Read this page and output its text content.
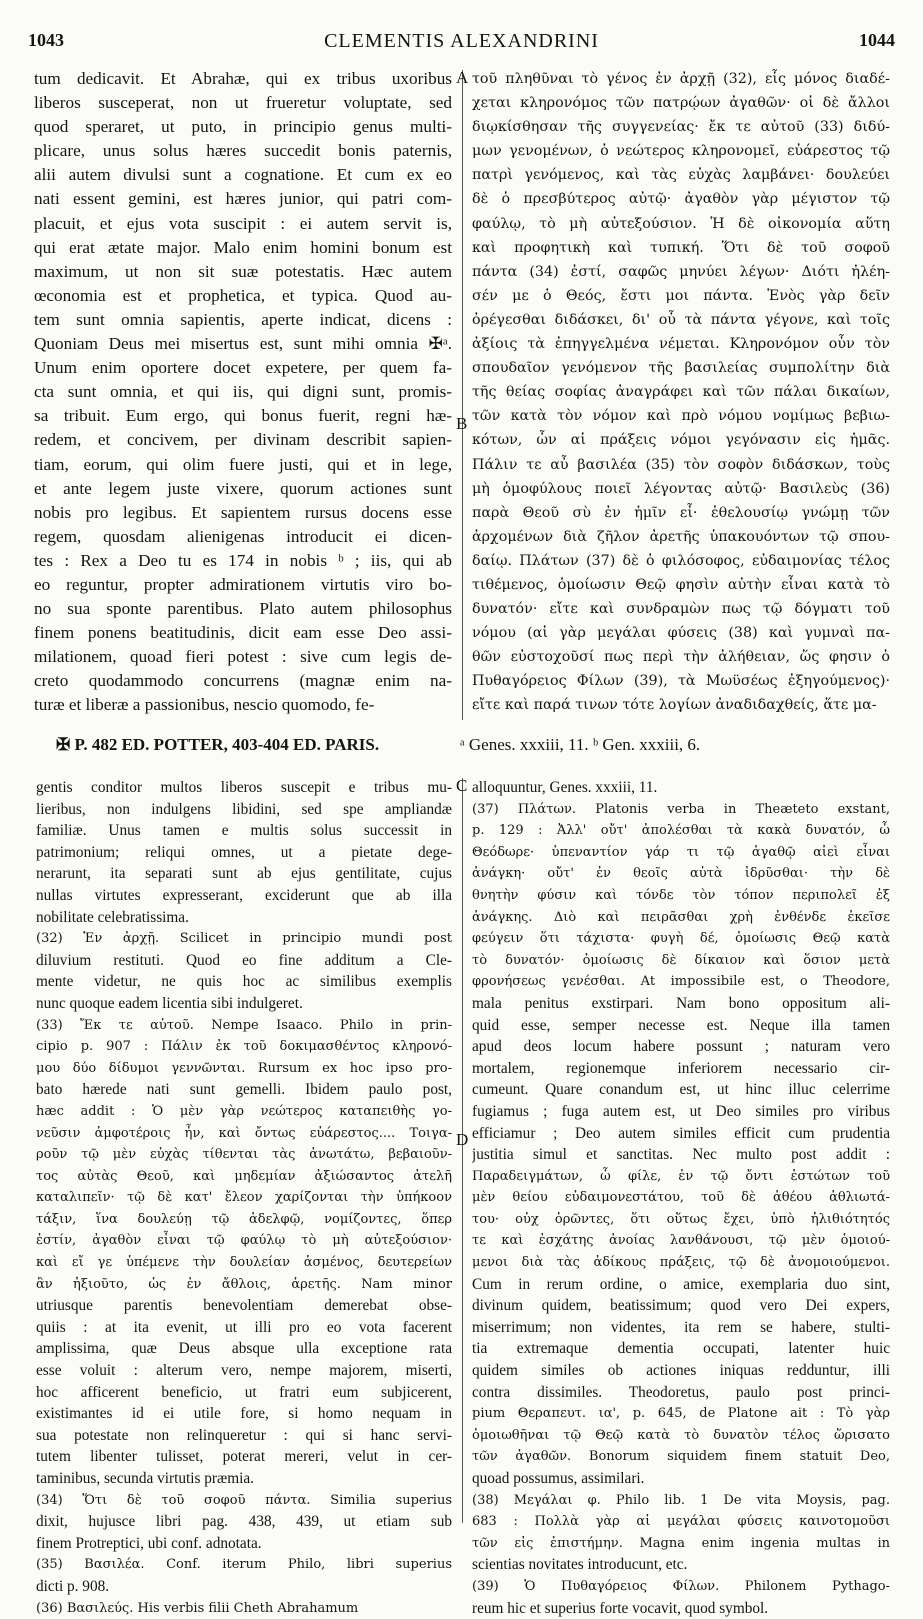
1043	CLEMENTIS ALEXANDRINI	1044
A
B
C
D

tum dedicavit. Et Abrahæ, qui ex tribus uxoribus

liberos susceperat, non ut frueretur voluptate, sed

quod speraret, ut puto, in principio genus multi-

plicare, unus solus hæres succedit bonis paternis,

alii autem divulsi sunt a cognatione. Et cum ex eo

nati essent gemini, est hæres junior, qui patri com-

placuit, et ejus vota suscipit : ei autem servit is,

qui erat ætate major. Malo enim homini bonum est

maximum, ut non sit suæ potestatis. Hæc autem

œconomia est et prophetica, et typica. Quod au-

tem sunt omnia sapientis, aperte indicat, dicens :

Quoniam Deus mei misertus est, sunt mihi omnia ✠ᵃ.

Unum enim oportere docet expetere, per quem fa-

cta sunt omnia, et qui iis, qui digni sunt, promis-

sa tribuit. Eum ergo, qui bonus fuerit, regni hæ-

redem, et concivem, per divinam describit sapien-

tiam, eorum, qui olim fuere justi, qui et in lege,

et ante legem juste vixere, quorum actiones sunt

nobis pro legibus. Et sapientem rursus docens esse

regem, quosdam alienigenas introducit ei dicen-

tes : Rex a Deo tu es 174 in nobis ᵇ ; iis, qui ab

eo reguntur, propter admirationem virtutis viro bo-

no sua sponte parentibus. Plato autem philosophus

finem ponens beatitudinis, dicit eam esse Deo assi-

milationem, quoad fieri potest : sive cum legis de-

creto quodammodo concurrens (magnæ enim na-

turæ et liberæ a passionibus, nescio quomodo, fe-

τοῦ πληθῦναι τὸ γένος ἐν ἀρχῇ (32), εἷς μόνος διαδέ-

χεται κληρονόμος τῶν πατρῴων ἀγαθῶν· οἱ δὲ ἄλλοι

διῳκίσθησαν τῆς συγγενείας· ἔκ τε αὐτοῦ (33) διδύ-

μων γενομένων, ὁ νεώτερος κληρονομεῖ, εὐάρεστος τῷ

πατρὶ γενόμενος, καὶ τὰς εὐχὰς λαμβάνει· δουλεύει

δὲ ὁ πρεσβύτερος αὐτῷ· ἀγαθὸν γὰρ μέγιστον τῷ

φαύλῳ, τὸ μὴ αὐτεξούσιον. Ἡ δὲ οἰκονομία αὕτη

καὶ προφητικὴ καὶ τυπική. Ὅτι δὲ τοῦ σοφοῦ

πάντα (34) ἐστί, σαφῶς μηνύει λέγων· Διότι ἠλέη-

σέν με ὁ Θεός, ἔστι μοι πάντα. Ἑνὸς γὰρ δεῖν

ὀρέγεσθαι διδάσκει, δι' οὗ τὰ πάντα γέγονε, καὶ τοῖς

ἀξίοις τὰ ἐπηγγελμένα νέμεται. Κληρονόμον οὖν τὸν

σπουδαῖον γενόμενον τῆς βασιλείας συμπολίτην διὰ

τῆς θείας σοφίας ἀναγράφει καὶ τῶν πάλαι δικαίων,

τῶν κατὰ τὸν νόμον καὶ πρὸ νόμου νομίμως βεβιω-

κότων, ὧν αἱ πράξεις νόμοι γεγόνασιν εἰς ἡμᾶς.

Πάλιν τε αὖ βασιλέα (35) τὸν σοφὸν διδάσκων, τοὺς

μὴ ὁμοφύλους ποιεῖ λέγοντας αὐτῷ· Βασιλεὺς (36)

παρὰ Θεοῦ σὺ ἐν ἡμῖν εἶ· ἐθελουσίῳ γνώμῃ τῶν

ἀρχομένων διὰ ζῆλον ἀρετῆς ὑπακουόντων τῷ σπου-

δαίῳ. Πλάτων (37) δὲ ὁ φιλόσοφος, εὐδαιμονίας τέλος

τιθέμενος, ὁμοίωσιν Θεῷ φησὶν αὐτὴν εἶναι κατὰ τὸ

δυνατόν· εἴτε καὶ συνδραμὼν πως τῷ δόγματι τοῦ

νόμου (αἱ γὰρ μεγάλαι φύσεις (38) καὶ γυμναὶ πα-

θῶν εὐστοχοῦσί πως περὶ τὴν ἀλήθειαν, ὥς φησιν ὁ

Πυθαγόρειος Φίλων (39), τὰ Μωϋσέως ἐξηγούμενος)·

εἴτε καὶ παρά τινων τότε λογίων ἀναδιδαχθείς, ἅτε μα-

✠ P. 482 ED. POTTER, 403-404 ED. PARIS.	ᵃ Genes. xxxiii, 11. ᵇ Gen. xxxiii, 6.

gentis conditor multos liberos suscepit e tribus mu-

lieribus, non indulgens libidini, sed spe ampliandæ

familiæ. Unus tamen e multis solus successit in

patrimonium; reliqui omnes, ut a pietate dege-

nerarunt, ita separati sunt ab ejus gentilitate, cujus

nullas virtutes expresserant, exciderunt que ab illa

nobilitate celebratissima.

(32) Ἐν ἀρχῇ. Scilicet in principio mundi post

diluvium restituti. Quod eo fine additum a Cle-

mente videtur, ne quis hoc ac similibus exemplis

nunc quoque eadem licentia sibi indulgeret.

(33) Ἔκ τε αὐτοῦ. Nempe Isaaco. Philo in prin-

cipio p. 907 : Πάλιν ἐκ τοῦ δοκιμασθέντος κληρονό-

μου δύο δίδυμοι γεννῶνται. Rursum ex hoc ipso pro-

bato hærede nati sunt gemelli. Ibidem paulo post,

hæc addit : Ὁ μὲν γὰρ νεώτερος καταπειθὴς γο-

νεῦσιν ἀμφοτέροις ἦν, καὶ ὄντως εὐάρεστος.... Τοιγα-

ροῦν τῷ μὲν εὐχὰς τίθενται τὰς ἀνωτάτω, βεβαιοῦν-

τος αὐτὰς Θεοῦ, καὶ μηδεμίαν ἀξιώσαντος ἀτελῆ

καταλιπεῖν· τῷ δὲ κατ' ἔλεον χαρίζονται τὴν ὑπήκοον

τάξιν, ἵνα δουλεύῃ τῷ ἀδελφῷ, νομίζοντες, ὅπερ

ἐστίν, ἀγαθὸν εἶναι τῷ φαύλῳ τὸ μὴ αὐτεξούσιον·

καὶ εἴ γε ὑπέμενε τὴν δουλείαν ἀσμένος, δευτερείων

ἂν ἠξιοῦτο, ὡς ἐν ἄθλοις, ἀρετῆς. Nam minor

utriusque parentis benevolentiam demerebat obse-

quiis : at ita evenit, ut illi pro eo vota facerent

amplissima, quæ Deus absque ulla exceptione rata

esse voluit : alterum vero, nempe majorem, miserti,

hoc afficerent beneficio, ut fratri eum subjicerent,

existimantes id ei utile fore, si homo nequam in

sua potestate non relinqueretur : qui si hanc servi-

tutem libenter tulisset, poterat mereri, velut in cer-

taminibus, secunda virtutis præmia.

(34) Ὅτι δὲ τοῦ σοφοῦ πάντα. Similia superius

dixit, hujusce libri pag. 438, 439, ut etiam sub

finem Protreptici, ubi conf. adnotata.

(35) Βασιλέα. Conf. iterum Philo, libri superius

dicti p. 908.

(36) Βασιλεύς. His verbis filii Cheth Abrahamum

alloquuntur, Genes. xxxiii, 11.

(37) Πλάτων. Platonis verba in Theæteto exstant,

p. 129 : Ἀλλ' οὔτ' ἀπολέσθαι τὰ κακὰ δυνατόν, ὦ

Θεόδωρε· ὑπεναντίον γάρ τι τῷ ἀγαθῷ αἰεὶ εἶναι

ἀνάγκη· οὔτ' ἐν θεοῖς αὐτὰ ἱδρῦσθαι· τὴν δὲ

θνητὴν φύσιν καὶ τόνδε τὸν τόπον περιπολεῖ ἐξ

ἀνάγκης. Διὸ καὶ πειρᾶσθαι χρὴ ἐνθένδε ἐκεῖσε

φεύγειν ὅτι τάχιστα· φυγὴ δέ, ὁμοίωσις Θεῷ κατὰ

τὸ δυνατόν· ὁμοίωσις δὲ δίκαιον καὶ ὅσιον μετὰ

φρονήσεως γενέσθαι. At impossibile est, o Theodore,

mala penitus exstirpari. Nam bono oppositum ali-

quid esse, semper necesse est. Neque illa tamen

apud deos locum habere possunt ; naturam vero

mortalem, regionemque inferiorem necessario cir-

cumeunt. Quare conandum est, ut hinc illuc celerrime

fugiamus ; fuga autem est, ut Deo similes pro viribus

efficiamur ; Deo autem similes efficit cum prudentia

justitia simul et sanctitas. Nec multo post addit :

Παραδειγμάτων, ὦ φίλε, ἐν τῷ ὄντι ἑστώτων τοῦ

μὲν θείου εὐδαιμονεστάτου, τοῦ δὲ ἀθέου ἀθλιωτά-

του· οὐχ ὁρῶντες, ὅτι οὕτως ἔχει, ὑπὸ ἠλιθιότητός

τε καὶ ἐσχάτης ἀνοίας λανθάνουσι, τῷ μὲν ὁμοιού-

μενοι διὰ τὰς ἀδίκους πράξεις, τῷ δὲ ἀνομοιούμενοι.

Cum in rerum ordine, o amice, exemplaria duo sint,

divinum quidem, beatissimum; quod vero Dei expers,

miserrimum; non videntes, ita rem se habere, stulti-

tia extremaque dementia occupati, latenter huic

quidem similes ob actiones iniquas redduntur, illi

contra dissimiles. Theodoretus, paulo post princi-

pium Θεραπευτ. ια', p. 645, de Platone ait : Τὸ γὰρ

ὁμοιωθῆναι τῷ Θεῷ κατὰ τὸ δυνατὸν τέλος ὥρισατο

τῶν ἀγαθῶν. Bonorum siquidem finem statuit Deo,

quoad possumus, assimilari.

(38) Μεγάλαι φ. Philo lib. 1 De vita Moysis, pag.

683 : Πολλὰ γὰρ αἱ μεγάλαι φύσεις καινοτομοῦσι

τῶν εἰς ἐπιστήμην. Magna enim ingenia multas in

scientias novitates introducunt, etc.

(39) Ὁ Πυθαγόρειος Φίλων. Philonem Pythago-

reum hic et superius forte vocavit, quod symbol.
